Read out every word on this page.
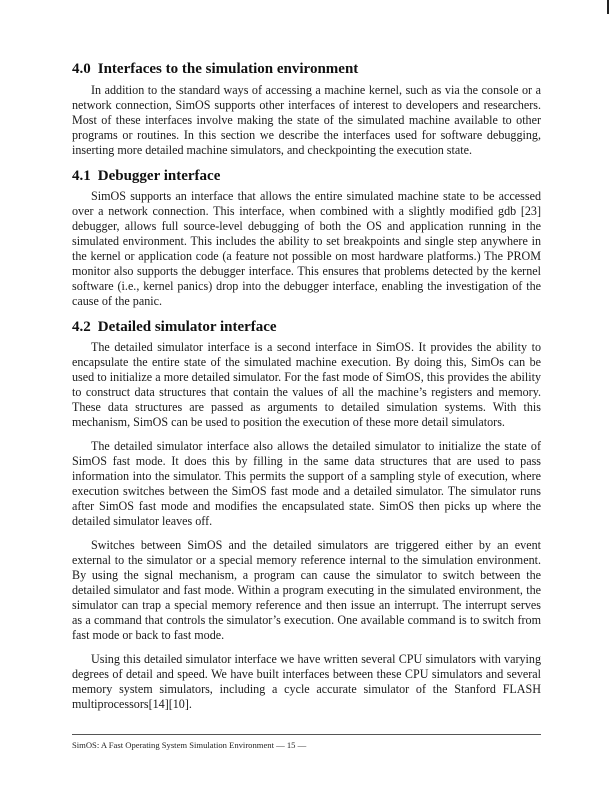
4.0 Interfaces to the simulation environment

In addition to the standard ways of accessing a machine kernel, such as via the console or a network connection, SimOS supports other interfaces of interest to developers and researchers. Most of these interfaces involve making the state of the simulated machine available to other programs or routines. In this section we describe the interfaces used for software debugging, inserting more detailed machine simulators, and checkpointing the execution state.

4.1 Debugger interface

SimOS supports an interface that allows the entire simulated machine state to be accessed over a network connection. This interface, when combined with a slightly modified gdb [23] debugger, allows full source-level debugging of both the OS and application running in the simulated environment. This includes the ability to set breakpoints and single step anywhere in the kernel or application code (a feature not possible on most hardware platforms.) The PROM monitor also supports the debugger interface. This ensures that problems detected by the kernel software (i.e., kernel panics) drop into the debugger interface, enabling the investigation of the cause of the panic.

4.2 Detailed simulator interface

The detailed simulator interface is a second interface in SimOS. It provides the ability to encapsulate the entire state of the simulated machine execution. By doing this, SimOs can be used to initialize a more detailed simulator. For the fast mode of SimOS, this provides the ability to construct data structures that contain the values of all the machine’s registers and memory. These data structures are passed as arguments to detailed simulation systems. With this mechanism, SimOS can be used to position the execution of these more detail simulators.

The detailed simulator interface also allows the detailed simulator to initialize the state of SimOS fast mode. It does this by filling in the same data structures that are used to pass information into the simulator. This permits the support of a sampling style of execution, where execution switches between the SimOS fast mode and a detailed simulator. The simulator runs after SimOS fast mode and modifies the encapsulated state. SimOS then picks up where the detailed simulator leaves off.

Switches between SimOS and the detailed simulators are triggered either by an event external to the simulator or a special memory reference internal to the simulation environment. By using the signal mechanism, a program can cause the simulator to switch between the detailed simulator and fast mode. Within a program executing in the simulated environment, the simulator can trap a special memory reference and then issue an interrupt. The interrupt serves as a command that controls the simulator’s execution. One available command is to switch from fast mode or back to fast mode.

Using this detailed simulator interface we have written several CPU simulators with varying degrees of detail and speed. We have built interfaces between these CPU simulators and several memory system simulators, including a cycle accurate simulator of the Stanford FLASH multiprocessors[14][10].

SimOS: A Fast Operating System Simulation Environment — 15 —
